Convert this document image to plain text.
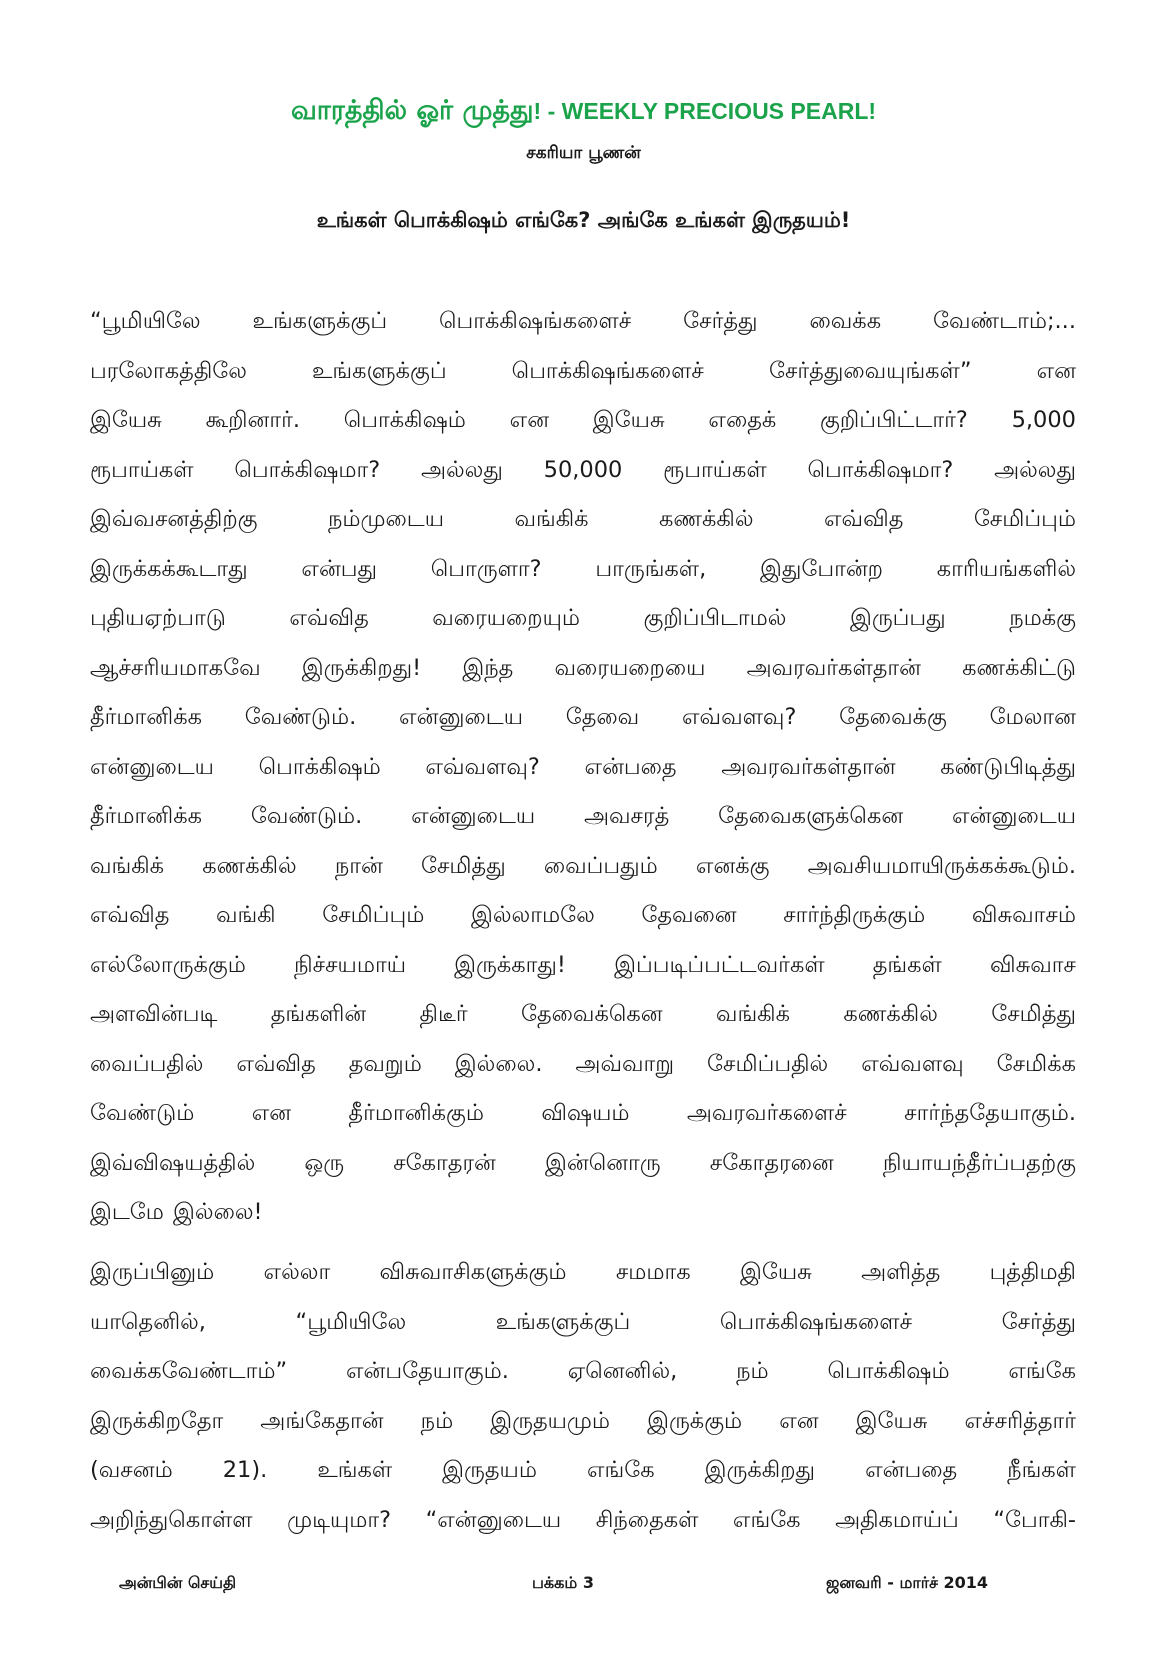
வாரத்தில் ஓர் முத்து! - WEEKLY PRECIOUS PEARL!
சகரியா பூணன்
உங்கள் பொக்கிஷம் எங்கே? அங்கே உங்கள் இருதயம்!
“பூமியிலே உங்களுக்குப் பொக்கிஷங்களைச் சேர்த்து வைக்க வேண்டாம்;...
பரலோகத்திலே உங்களுக்குப் பொக்கிஷங்களைச் சேர்த்துவையுங்கள்” என
இயேசு கூறினார். பொக்கிஷம் என இயேசு எதைக் குறிப்பிட்டார்? 5,000
ரூபாய்கள் பொக்கிஷமா? அல்லது 50,000 ரூபாய்கள் பொக்கிஷமா? அல்லது
இவ்வசனத்திற்கு நம்முடைய வங்கிக் கணக்கில் எவ்வித சேமிப்பும்
இருக்கக்கூடாது என்பது பொருளா? பாருங்கள், இதுபோன்ற காரியங்களில்
புதியஏற்பாடு எவ்வித வரையறையும் குறிப்பிடாமல் இருப்பது நமக்கு
ஆச்சரியமாகவே இருக்கிறது! இந்த வரையறையை அவரவர்கள்தான் கணக்கிட்டு
தீர்மானிக்க வேண்டும். என்னுடைய தேவை எவ்வளவு? தேவைக்கு மேலான
என்னுடைய பொக்கிஷம் எவ்வளவு? என்பதை அவரவர்கள்தான் கண்டுபிடித்து
தீர்மானிக்க வேண்டும். என்னுடைய அவசரத் தேவைகளுக்கென என்னுடைய
வங்கிக் கணக்கில் நான் சேமித்து வைப்பதும் எனக்கு அவசியமாயிருக்கக்கூடும்.
எவ்வித வங்கி சேமிப்பும் இல்லாமலே தேவனை சார்ந்திருக்கும் விசுவாசம்
எல்லோருக்கும் நிச்சயமாய் இருக்காது! இப்படிப்பட்டவர்கள் தங்கள் விசுவாச
அளவின்படி தங்களின் திடீர் தேவைக்கென வங்கிக் கணக்கில் சேமித்து
வைப்பதில் எவ்வித தவறும் இல்லை. அவ்வாறு சேமிப்பதில் எவ்வளவு சேமிக்க
வேண்டும் என தீர்மானிக்கும் விஷயம் அவரவர்களைச் சார்ந்ததேயாகும்.
இவ்விஷயத்தில் ஒரு சகோதரன் இன்னொரு சகோதரனை நியாயந்தீர்ப்பதற்கு
இடமே இல்லை!
இருப்பினும் எல்லா விசுவாசிகளுக்கும் சமமாக இயேசு அளித்த புத்திமதி
யாதெனில், “பூமியிலே உங்களுக்குப் பொக்கிஷங்களைச் சேர்த்து
வைக்கவேண்டாம்” என்பதேயாகும். ஏனெனில், நம் பொக்கிஷம் எங்கே
இருக்கிறதோ அங்கேதான் நம் இருதயமும் இருக்கும் என இயேசு எச்சரித்தார்
(வசனம் 21). உங்கள் இருதயம் எங்கே இருக்கிறது என்பதை நீங்கள்
அறிந்துகொள்ள முடியுமா? “என்னுடைய சிந்தைகள் எங்கே அதிகமாய்ப் “போகி-
அன்பின் செய்தி	பக்கம் 3	ஜனவரி - மார்ச் 2014
